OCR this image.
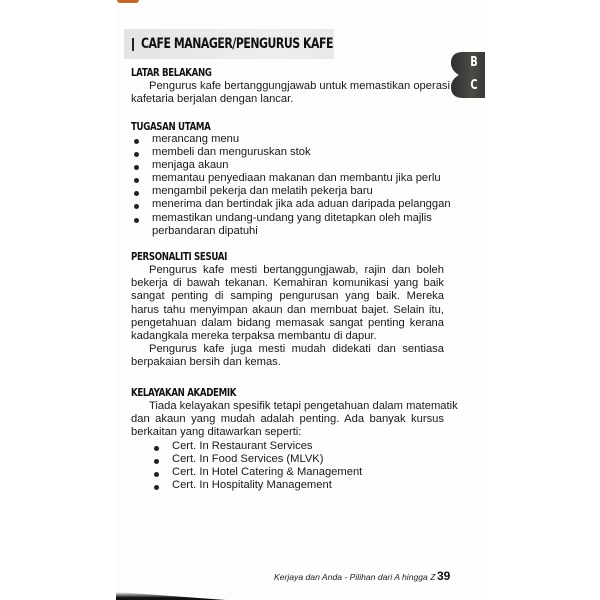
CAFE MANAGER/PENGURUS KAFE
B
C
LATAR BELAKANG
Pengurus kafe bertanggungjawab untuk memastikan operasi
kafetaria berjalan dengan lancar.
TUGASAN UTAMA
merancang menu
membeli dan menguruskan stok
menjaga akaun
memantau penyediaan makanan dan membantu jika perlu
mengambil pekerja dan melatih pekerja baru
menerima dan bertindak jika ada aduan daripada pelanggan
memastikan undang-undang yang ditetapkan oleh majlis
perbandaran dipatuhi
PERSONALITI SESUAI
Pengurus kafe mesti bertanggungjawab, rajin dan boleh
bekerja di bawah tekanan. Kemahiran komunikasi yang baik
sangat penting di samping pengurusan yang baik. Mereka
harus tahu menyimpan akaun dan membuat bajet. Selain itu,
pengetahuan dalam bidang memasak sangat penting kerana
kadangkala mereka terpaksa membantu di dapur.
Pengurus kafe juga mesti mudah didekati dan sentiasa
berpakaian bersih dan kemas.
KELAYAKAN AKADEMIK
Tiada kelayakan spesifik tetapi pengetahuan dalam matematik
dan akaun yang mudah adalah penting. Ada banyak kursus
berkaitan yang ditawarkan seperti:
Cert. In Restaurant Services
Cert. In Food Services (MLVK)
Cert. In Hotel Catering & Management
Cert. In Hospitality Management
Kerjaya dan Anda - Pilihan dari A hingga Z 39
